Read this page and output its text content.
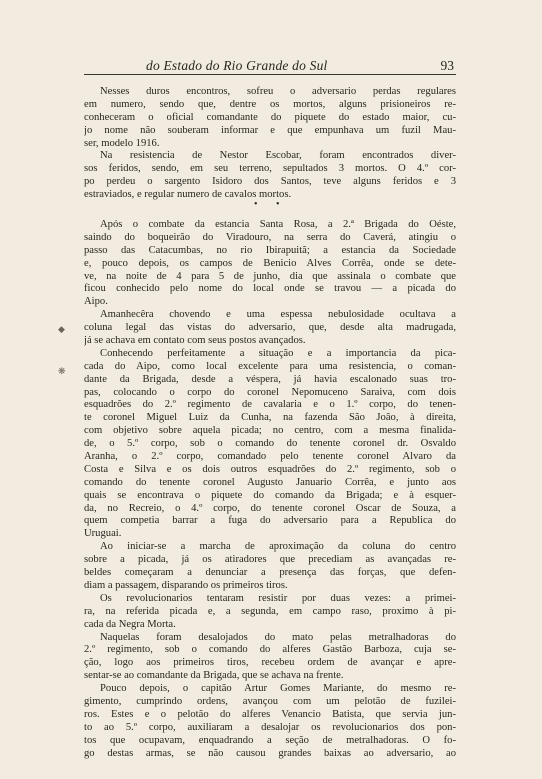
do Estado do Rio Grande do Sul	93
Nesses duros encontros, sofreu o adversario perdas regulares
em numero, sendo que, dentre os mortos, alguns prisioneiros re-
conheceram o oficial comandante do piquete do estado maior, cu-
jo nome não souberam informar e que empunhava um fuzil Mau-
ser, modelo 1916.
Na resistencia de Nestor Escobar, foram encontrados diver-
sos feridos, sendo, em seu terreno, sepultados 3 mortos. O 4.º cor-
po perdeu o sargento Isidoro dos Santos, teve alguns feridos e 3
estraviados, e regular numero de cavalos mortos.
• •
Após o combate da estancia Santa Rosa, a 2.ª Brigada do Oéste,
saindo do boqueirão do Viradouro, na serra do Caverá, atingiu o
passo das Catacumbas, no rio Ibirapuitã; a estancia da Sociedade
e, pouco depois, os campos de Benicio Alves Corrêa, onde se dete-
ve, na noite de 4 para 5 de junho, dia que assinala o combate que
ficou conhecido pelo nome do local onde se travou — a picada do
Aipo.
Amanhecêra chovendo e uma espessa nebulosidade ocultava a
coluna legal das vistas do adversario, que, desde alta madrugada,
já se achava em contato com seus postos avançados.
Conhecendo perfeitamente a situação e a importancia da pica-
cada do Aipo, como local excelente para uma resistencia, o coman-
dante da Brigada, desde a véspera, já havia escalonado suas tro-
pas, colocando o corpo do coronel Nepomuceno Saraiva, com dois
esquadrões do 2.º regimento de cavalaria e o 1.º corpo, do tenen-
te coronel Miguel Luiz da Cunha, na fazenda São João, à direita,
com objetivo sobre aquela picada; no centro, com a mesma finalida-
de, o 5.º corpo, sob o comando do tenente coronel dr. Osvaldo
Aranha, o 2.º corpo, comandado pelo tenente coronel Alvaro da
Costa e Silva e os dois outros esquadrões do 2.º regimento, sob o
comando do tenente coronel Augusto Januario Corrêa, e junto aos
quais se encontrava o piquete do comando da Brigada; e à esquer-
da, no Recreio, o 4.º corpo, do tenente coronel Oscar de Souza, a
quem competia barrar a fuga do adversario para a Republica do
Uruguai.
Ao iniciar-se a marcha de aproximação da coluna do centro
sobre a picada, já os atiradores que precediam as avançadas re-
beldes começaram a denunciar a presença das forças, que defen-
diam a passagem, disparando os primeiros tiros.
Os revolucionarios tentaram resistir por duas vezes: a primei-
ra, na referida picada e, a segunda, em campo raso, proximo à pi-
cada da Negra Morta.
Naquelas foram desalojados do mato pelas metralhadoras do
2.º regimento, sob o comando do alferes Gastão Barboza, cuja se-
ção, logo aos primeiros tiros, recebeu ordem de avançar e apre-
sentar-se ao comandante da Brigada, que se achava na frente.
Pouco depois, o capitão Artur Gomes Mariante, do mesmo re-
gimento, cumprindo ordens, avançou com um pelotão de fuzilei-
ros. Estes e o pelotão do alferes Venancio Batista, que servia jun-
to ao 5.º corpo, auxiliaram a desalojar os revolucionarios dos pon-
tos que ocupavam, enquadrando a seção de metralhadoras. O fo-
go destas armas, se não causou grandes baixas ao adversario, ao
◆
❋
